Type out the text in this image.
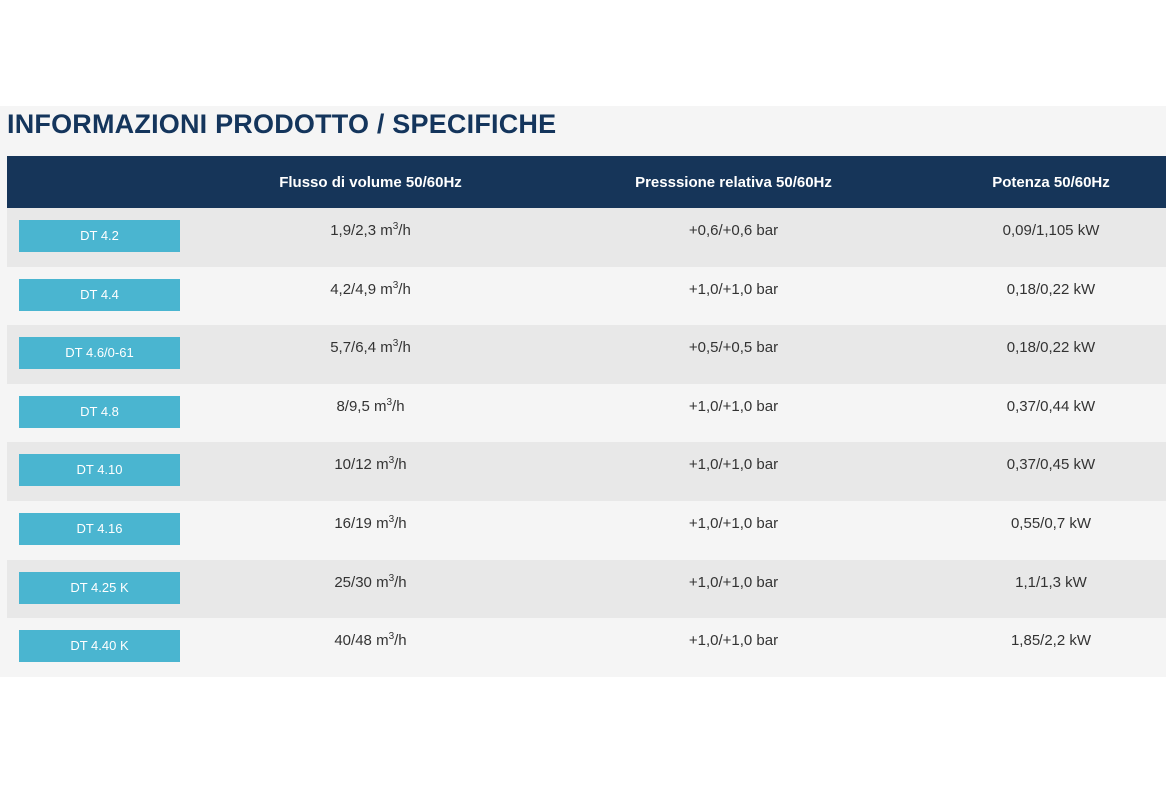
INFORMAZIONI PRODOTTO / SPECIFICHE
	Flusso di volume 50/60Hz	Presssione relativa 50/60Hz	Potenza 50/60Hz
DT 4.2	1,9/2,3 $m^3/h$	+0,6/+0,6 bar	0,09/1,105 kW
DT 4.4	4,2/4,9 $m^3/h$	+1,0/+1,0 bar	0,18/0,22 kW
DT 4.6/0-61	5,7/6,4 $m^3/h$	+0,5/+0,5 bar	0,18/0,22 kW
DT 4.8	8/9,5 $m^3/h$	+1,0/+1,0 bar	0,37/0,44 kW
DT 4.10	10/12 $m^3/h$	+1,0/+1,0 bar	0,37/0,45 kW
DT 4.16	16/19 $m^3/h$	+1,0/+1,0 bar	0,55/0,7 kW
DT 4.25 K	25/30 $m^3/h$	+1,0/+1,0 bar	1,1/1,3 kW
DT 4.40 K	40/48 $m^3/h$	+1,0/+1,0 bar	1,85/2,2 kW
